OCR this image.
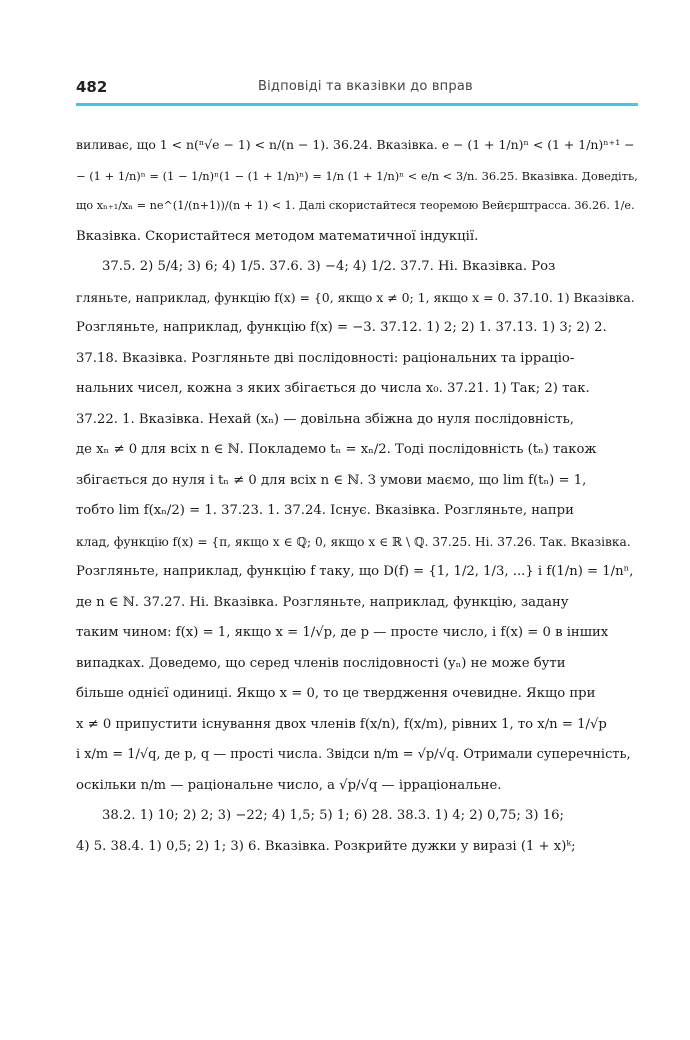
482	Відповіді та вказівки до вправ
виливає, що 1 < n(ⁿ√e − 1) < n/(n − 1). 36.24. Вказівка. e − (1 + 1/n)ⁿ < (1 + 1/n)ⁿ⁺¹ −
− (1 + 1/n)ⁿ = (1 − 1/n)ⁿ(1 − (1 + 1/n)ⁿ) = 1/n (1 + 1/n)ⁿ < e/n < 3/n. 36.25. Вказівка. Доведіть,
що xₙ₊₁/xₙ = ne^(1/(n+1))/(n + 1) < 1. Далі скористайтеся теоремою Вейєрштрасса. 36.26. 1/e.
Вказівка. Скористайтеся методом математичної індукції.
37.5. 2) 5/4; 3) 6; 4) 1/5. 37.6. 3) −4; 4) 1/2. 37.7. Ні. Вказівка. Роз
гляньте, наприклад, функцію f(x) = {0, якщо x ≠ 0; 1, якщо x = 0. 37.10. 1) Вказівка.
Розгляньте, наприклад, функцію f(x) = −3. 37.12. 1) 2; 2) 1. 37.13. 1) 3; 2) 2.
37.18. Вказівка. Розгляньте дві послідовності: раціональних та ірраціо-
нальних чисел, кожна з яких збігається до числа x₀. 37.21. 1) Так; 2) так.
37.22. 1. Вказівка. Нехай (xₙ) — довільна збіжна до нуля послідовність,
де xₙ ≠ 0 для всіх n ∈ ℕ. Покладемо tₙ = xₙ/2. Тоді послідовність (tₙ) також
збігається до нуля і tₙ ≠ 0 для всіх n ∈ ℕ. З умови маємо, що lim f(tₙ) = 1,
тобто lim f(xₙ/2) = 1. 37.23. 1. 37.24. Існує. Вказівка. Розгляньте, напри
клад, функцію f(x) = {π, якщо x ∈ ℚ; 0, якщо x ∈ ℝ \ ℚ. 37.25. Ні. 37.26. Так. Вказівка.
Розгляньте, наприклад, функцію f таку, що D(f) = {1, 1/2, 1/3, ...} і f(1/n) = 1/nⁿ,
де n ∈ ℕ. 37.27. Ні. Вказівка. Розгляньте, наприклад, функцію, задану
таким чином: f(x) = 1, якщо x = 1/√p, де p — просте число, і f(x) = 0 в інших
випадках. Доведемо, що серед членів послідовності (yₙ) не може бути
більше однієї одиниці. Якщо x = 0, то це твердження очевидне. Якщо при
x ≠ 0 припустити існування двох членів f(x/n), f(x/m), рівних 1, то x/n = 1/√p
і x/m = 1/√q, де p, q — прості числа. Звідси n/m = √p/√q. Отримали суперечність,
оскільки n/m — раціональне число, а √p/√q — ірраціональне.
38.2. 1) 10; 2) 2; 3) −22; 4) 1,5; 5) 1; 6) 28. 38.3. 1) 4; 2) 0,75; 3) 16;
4) 5. 38.4. 1) 0,5; 2) 1; 3) 6. Вказівка. Розкрийте дужки у виразі (1 + x)ᵏ;
